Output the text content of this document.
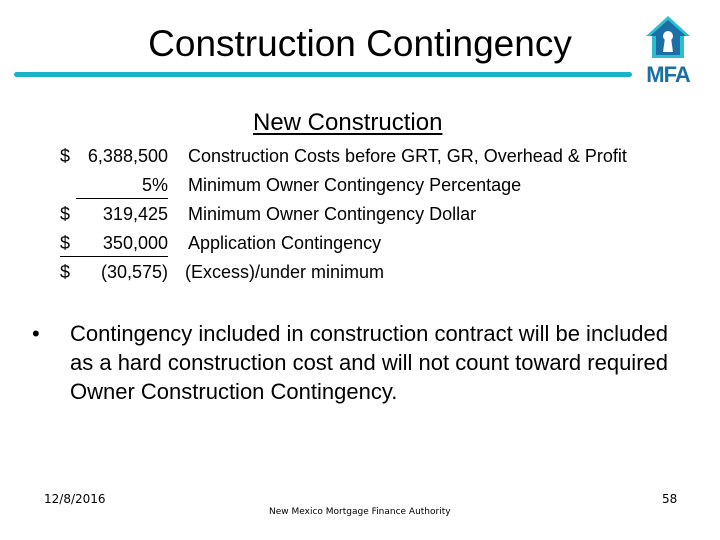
Construction Contingency
MFA
New Construction
$ 6,388,500 Construction Costs before GRT, GR, Overhead & Profit
5% Minimum Owner Contingency Percentage
$ 319,425 Minimum Owner Contingency Dollar
$ 350,000 Application Contingency
$ (30,575) (Excess)/under minimum
• Contingency included in construction contract will be included as a hard construction cost and will not count toward required Owner Construction Contingency.
12/8/2016
New Mexico Mortgage Finance Authority
58
